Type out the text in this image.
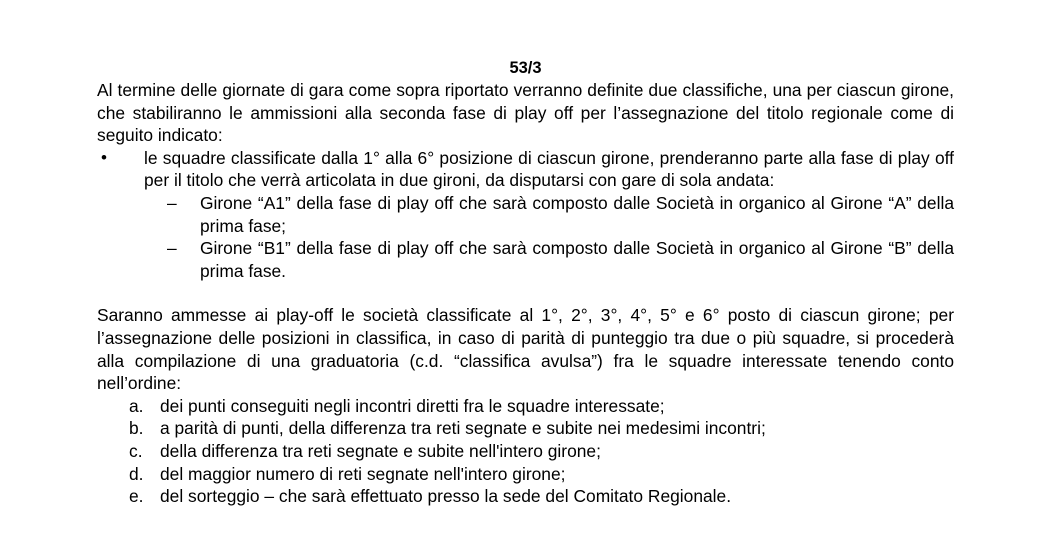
53/3

Al termine delle giornate di gara come sopra riportato verranno definite due classifiche, una per ciascun girone, che stabiliranno le ammissioni alla seconda fase di play off per l’assegnazione del titolo regionale come di seguito indicato:

• le squadre classificate dalla 1° alla 6° posizione di ciascun girone, prenderanno parte alla fase di play off per il titolo che verrà articolata in due gironi, da disputarsi con gare di sola andata:

– Girone “A1” della fase di play off che sarà composto dalle Società in organico al Girone “A” della prima fase;

– Girone “B1” della fase di play off che sarà composto dalle Società in organico al Girone “B” della prima fase.

Saranno ammesse ai play-off le società classificate al 1°, 2°, 3°, 4°, 5° e 6° posto di ciascun girone; per l’assegnazione delle posizioni in classifica, in caso di parità di punteggio tra due o più squadre, si procederà alla compilazione di una graduatoria (c.d. “classifica avulsa”) fra le squadre interessate tenendo conto nell’ordine:

a. dei punti conseguiti negli incontri diretti fra le squadre interessate;
b. a parità di punti, della differenza tra reti segnate e subite nei medesimi incontri;
c. della differenza tra reti segnate e subite nell'intero girone;
d. del maggior numero di reti segnate nell'intero girone;
e. del sorteggio – che sarà effettuato presso la sede del Comitato Regionale.
